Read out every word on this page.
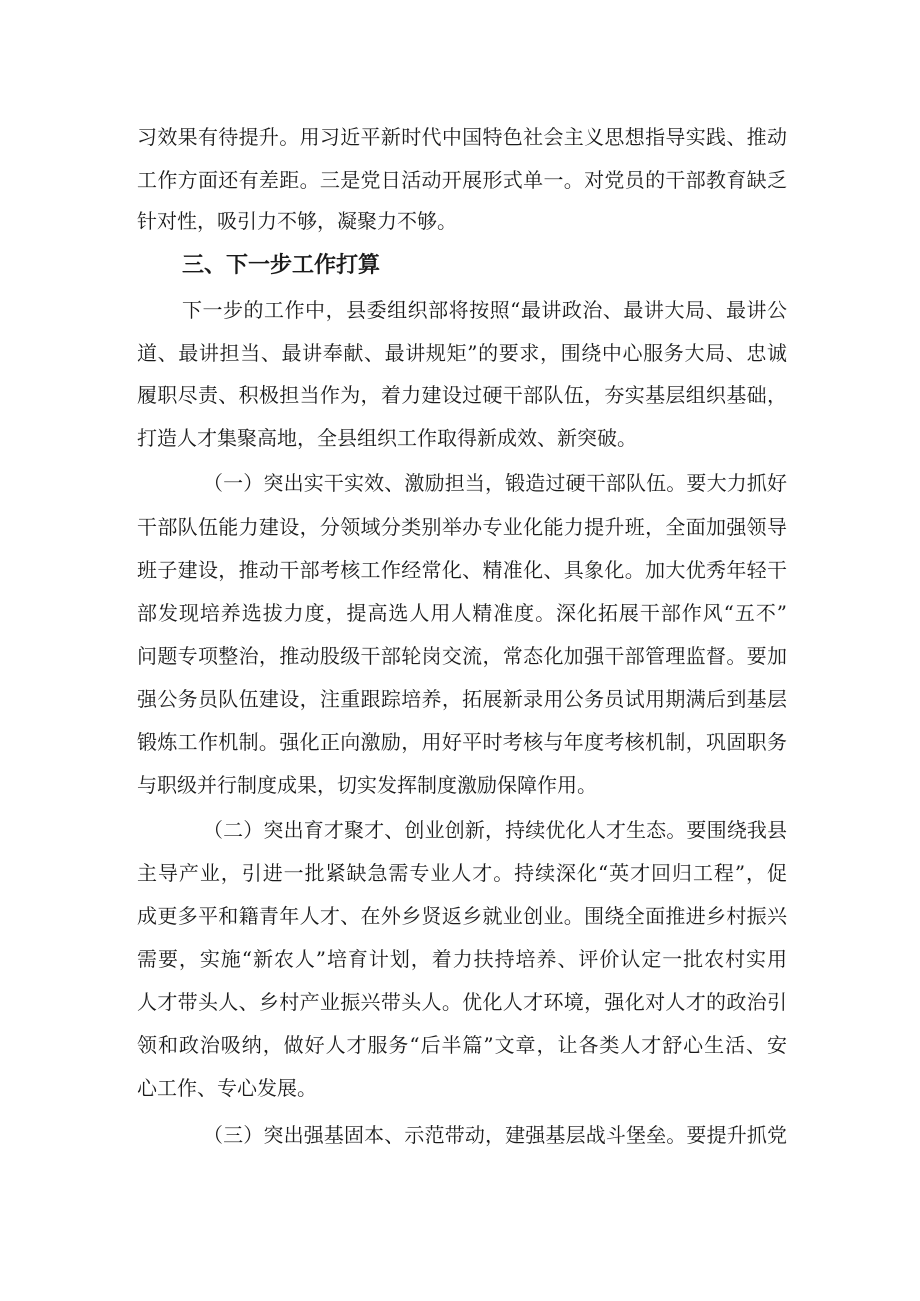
习效果有待提升。用习近平新时代中国特色社会主义思想指导实践、推动
工作方面还有差距。三是党日活动开展形式单一。对党员的干部教育缺乏
针对性，吸引力不够，凝聚力不够。
三、下一步工作打算
下一步的工作中，县委组织部将按照“最讲政治、最讲大局、最讲公
道、最讲担当、最讲奉献、最讲规矩”的要求，围绕中心服务大局、忠诚
履职尽责、积极担当作为，着力建设过硬干部队伍，夯实基层组织基础，
打造人才集聚高地，全县组织工作取得新成效、新突破。
（一）突出实干实效、激励担当，锻造过硬干部队伍。要大力抓好
干部队伍能力建设，分领域分类别举办专业化能力提升班，全面加强领导
班子建设，推动干部考核工作经常化、精准化、具象化。加大优秀年轻干
部发现培养选拔力度，提高选人用人精准度。深化拓展干部作风“五不”
问题专项整治，推动股级干部轮岗交流，常态化加强干部管理监督。要加
强公务员队伍建设，注重跟踪培养，拓展新录用公务员试用期满后到基层
锻炼工作机制。强化正向激励，用好平时考核与年度考核机制，巩固职务
与职级并行制度成果，切实发挥制度激励保障作用。
（二）突出育才聚才、创业创新，持续优化人才生态。要围绕我县
主导产业，引进一批紧缺急需专业人才。持续深化“英才回归工程”，促
成更多平和籍青年人才、在外乡贤返乡就业创业。围绕全面推进乡村振兴
需要，实施“新农人”培育计划，着力扶持培养、评价认定一批农村实用
人才带头人、乡村产业振兴带头人。优化人才环境，强化对人才的政治引
领和政治吸纳，做好人才服务“后半篇”文章，让各类人才舒心生活、安
心工作、专心发展。
（三）突出强基固本、示范带动，建强基层战斗堡垒。要提升抓党
